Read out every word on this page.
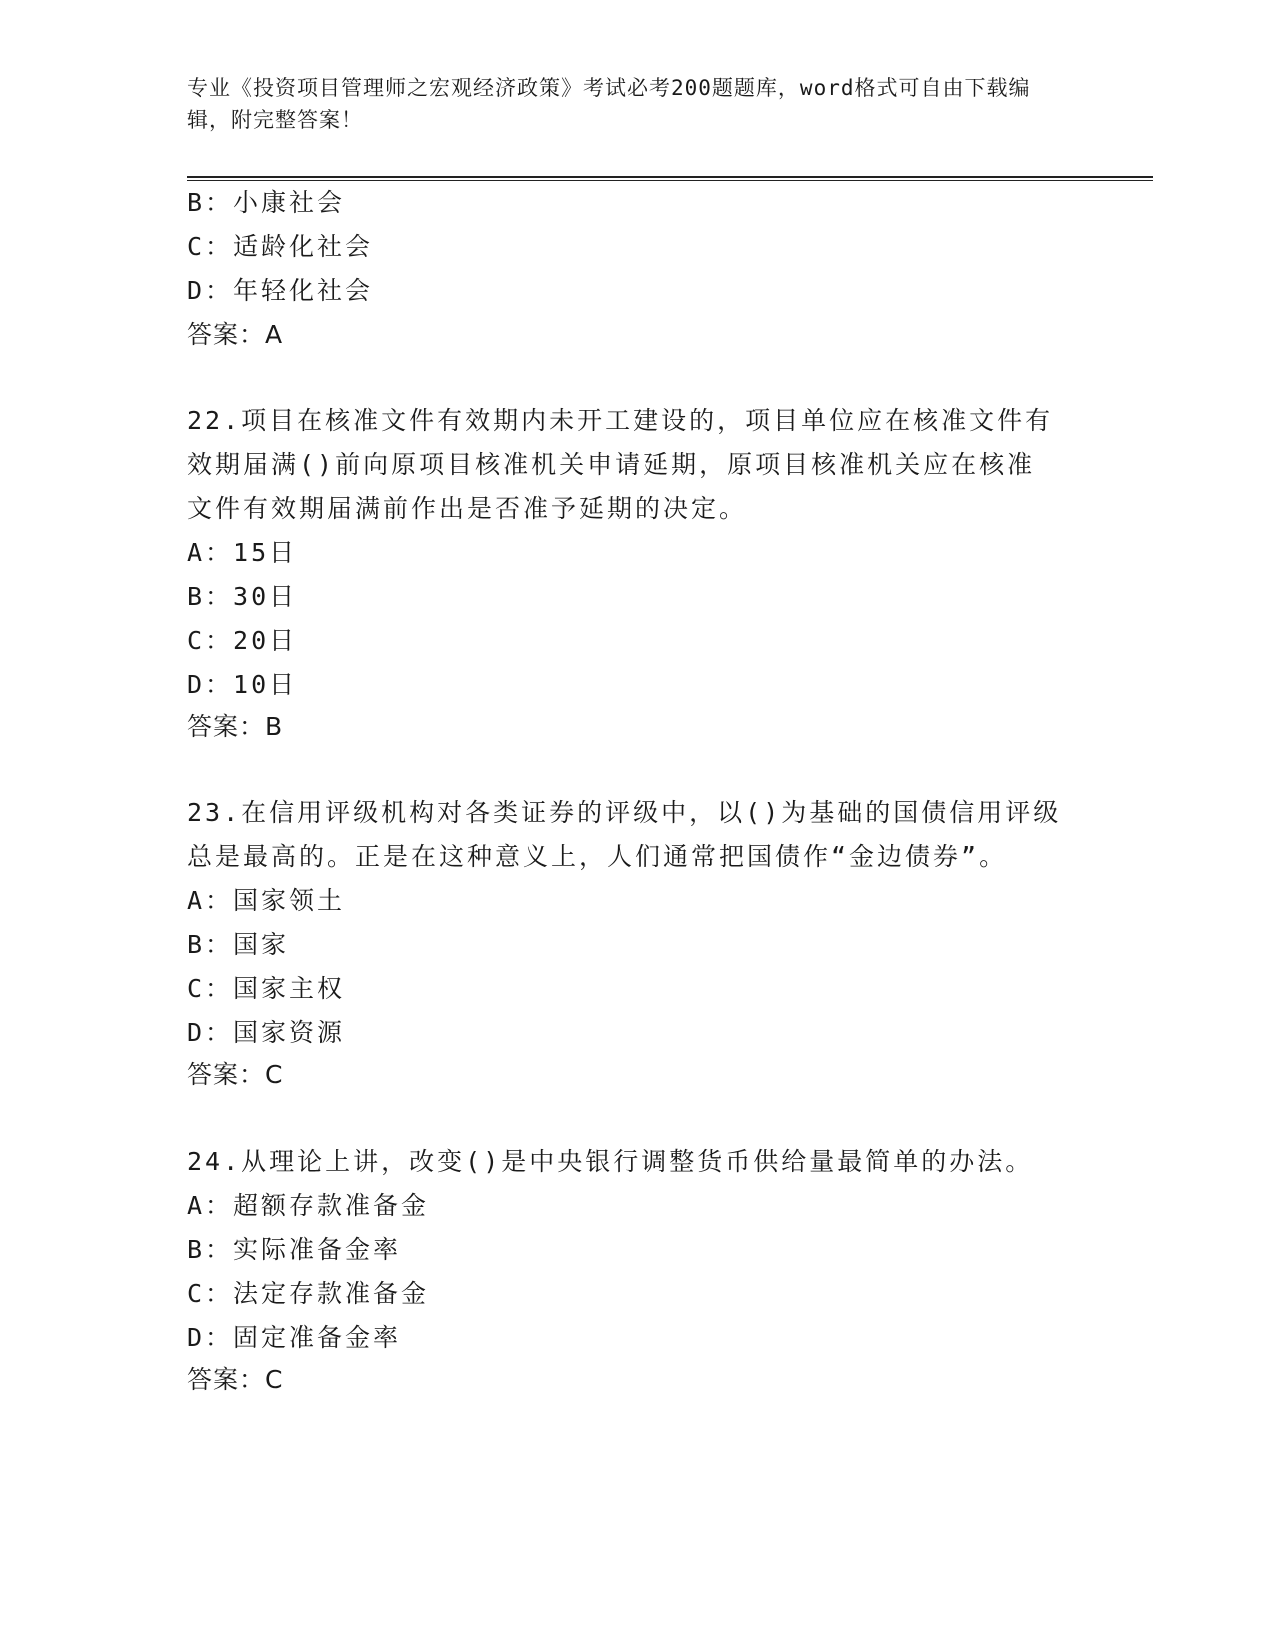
专业《投资项目管理师之宏观经济政策》考试必考200题题库，word格式可自由下载编辑，附完整答案！
B：小康社会
C：适龄化社会
D：年轻化社会
答案：A
22.项目在核准文件有效期内未开工建设的，项目单位应在核准文件有
效期届满()前向原项目核准机关申请延期，原项目核准机关应在核准
文件有效期届满前作出是否准予延期的决定。
A：15日
B：30日
C：20日
D：10日
答案：B
23.在信用评级机构对各类证券的评级中，以()为基础的国债信用评级
总是最高的。正是在这种意义上，人们通常把国债作“金边债券”。
A：国家领土
B：国家
C：国家主权
D：国家资源
答案：C
24.从理论上讲，改变()是中央银行调整货币供给量最简单的办法。
A：超额存款准备金
B：实际准备金率
C：法定存款准备金
D：固定准备金率
答案：C
